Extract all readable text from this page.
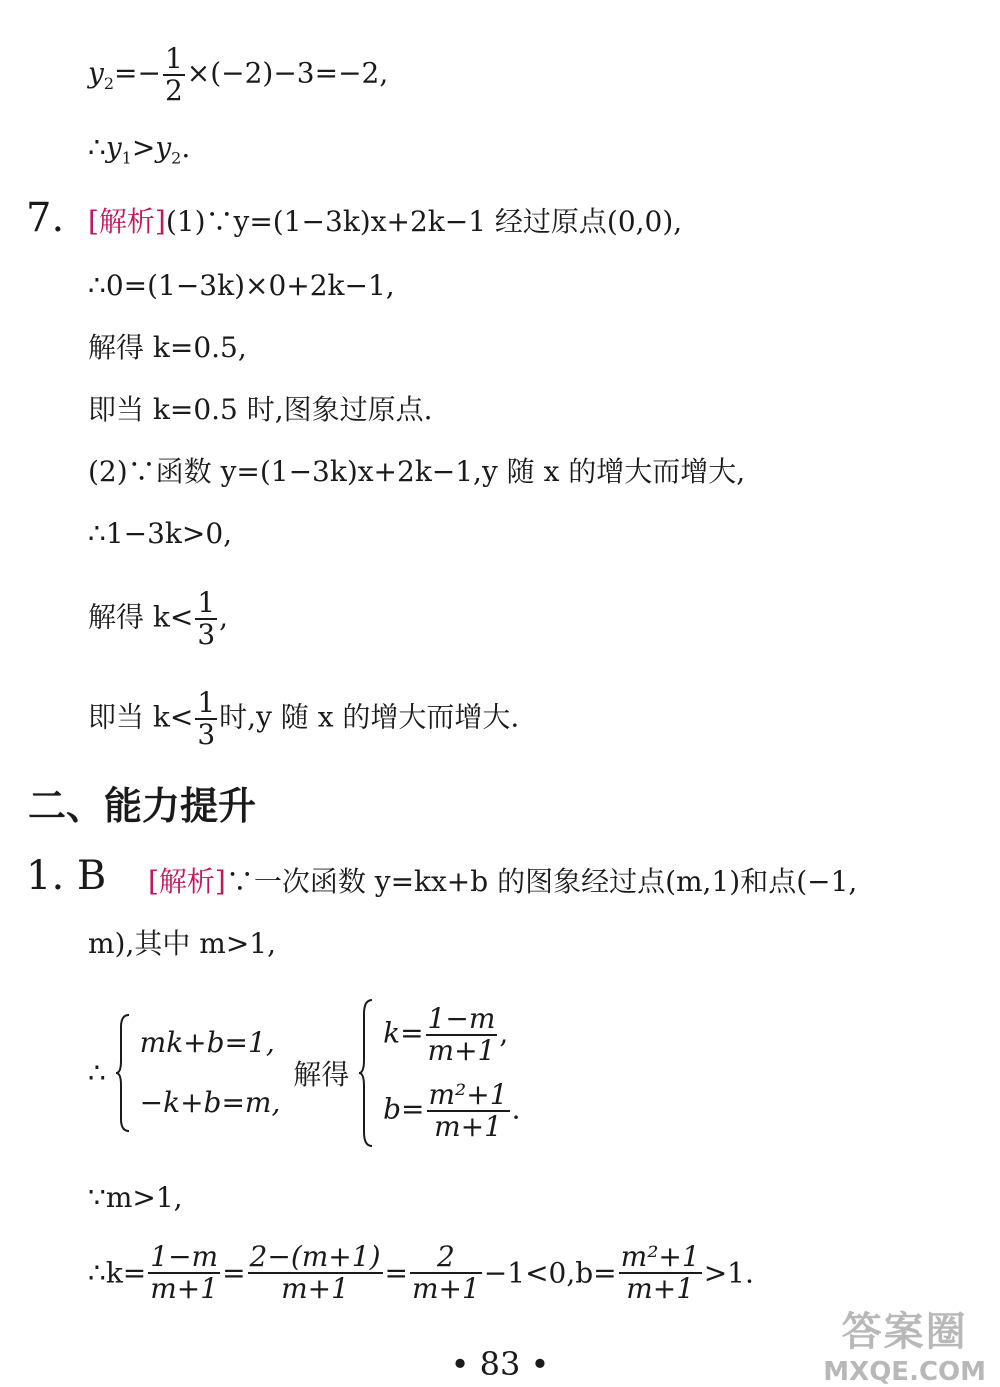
$y_2=- \frac{1}{2} \times(-2)-3=-2$,
$\therefore y_1>y_2$.
7. [解析](1)∵y=(1−3k)x+2k−1 经过原点(0,0),
∴0=(1−3k)×0+2k−1,
解得 k=0.5,
即当 k=0.5 时,图象过原点.
(2)∵函数 y=(1−3k)x+2k−1,y 随 x 的增大而增大,
∴1−3k>0,
解得 $k< \frac{1}{3}$ ,
即当 $k< \frac{1}{3}$ 时,y 随 x 的增大而增大.
二、能力提升
1. B [解析]∵一次函数 y=kx+b 的图象经过点(m,1)和点(−1,
m),其中 m>1,
∴
mk+b=1,
−k+b=m,
解得
$k= \frac{1-m}{m+1}$ ,
$b= \frac{\text{m²+1}}{m+1}$ .
∵m>1,
∴k= $\frac{1-m}{m+1} = \frac{2-(m+1)}{m+1} = \frac{2}{m+1} -1<0,b= \frac{\text{m²+1}}{m+1} >1$.
• 83 •
答案圈
MXQE.COM
